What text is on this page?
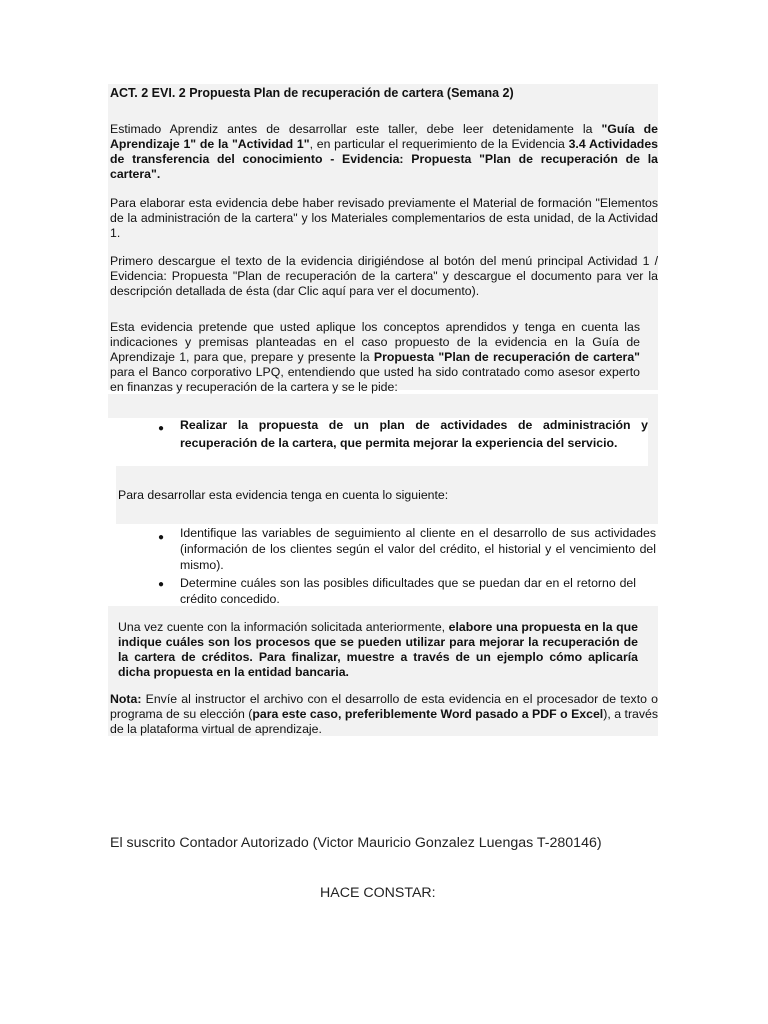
ACT. 2 EVI. 2 Propuesta Plan de recuperación de cartera (Semana 2)
Estimado Aprendiz antes de desarrollar este taller, debe leer detenidamente la "Guía de Aprendizaje 1" de la "Actividad 1", en particular el requerimiento de la Evidencia 3.4 Actividades de transferencia del conocimiento - Evidencia: Propuesta "Plan de recuperación de la cartera".
Para elaborar esta evidencia debe haber revisado previamente el Material de formación "Elementos de la administración de la cartera" y los Materiales complementarios de esta unidad, de la Actividad 1.
Primero descargue el texto de la evidencia dirigiéndose al botón del menú principal Actividad 1 / Evidencia: Propuesta "Plan de recuperación de la cartera" y descargue el documento para ver la descripción detallada de ésta (dar Clic aquí para ver el documento).
Esta evidencia pretende que usted aplique los conceptos aprendidos y tenga en cuenta las indicaciones y premisas planteadas en el caso propuesto de la evidencia en la Guía de Aprendizaje 1, para que, prepare y presente la Propuesta "Plan de recuperación de cartera" para el Banco corporativo LPQ, entendiendo que usted ha sido contratado como asesor experto en finanzas y recuperación de la cartera y se le pide:
● Realizar la propuesta de un plan de actividades de administración y recuperación de la cartera, que permita mejorar la experiencia del servicio.
Para desarrollar esta evidencia tenga en cuenta lo siguiente:
● Identifique las variables de seguimiento al cliente en el desarrollo de sus actividades (información de los clientes según el valor del crédito, el historial y el vencimiento del mismo).
● Determine cuáles son las posibles dificultades que se puedan dar en el retorno del crédito concedido.
Una vez cuente con la información solicitada anteriormente, elabore una propuesta en la que indique cuáles son los procesos que se pueden utilizar para mejorar la recuperación de la cartera de créditos. Para finalizar, muestre a través de un ejemplo cómo aplicaría dicha propuesta en la entidad bancaria.
Nota: Envíe al instructor el archivo con el desarrollo de esta evidencia en el procesador de texto o programa de su elección (para este caso, preferiblemente Word pasado a PDF o Excel), a través de la plataforma virtual de aprendizaje.
El suscrito Contador Autorizado (Victor Mauricio Gonzalez Luengas T-280146)
HACE CONSTAR:
